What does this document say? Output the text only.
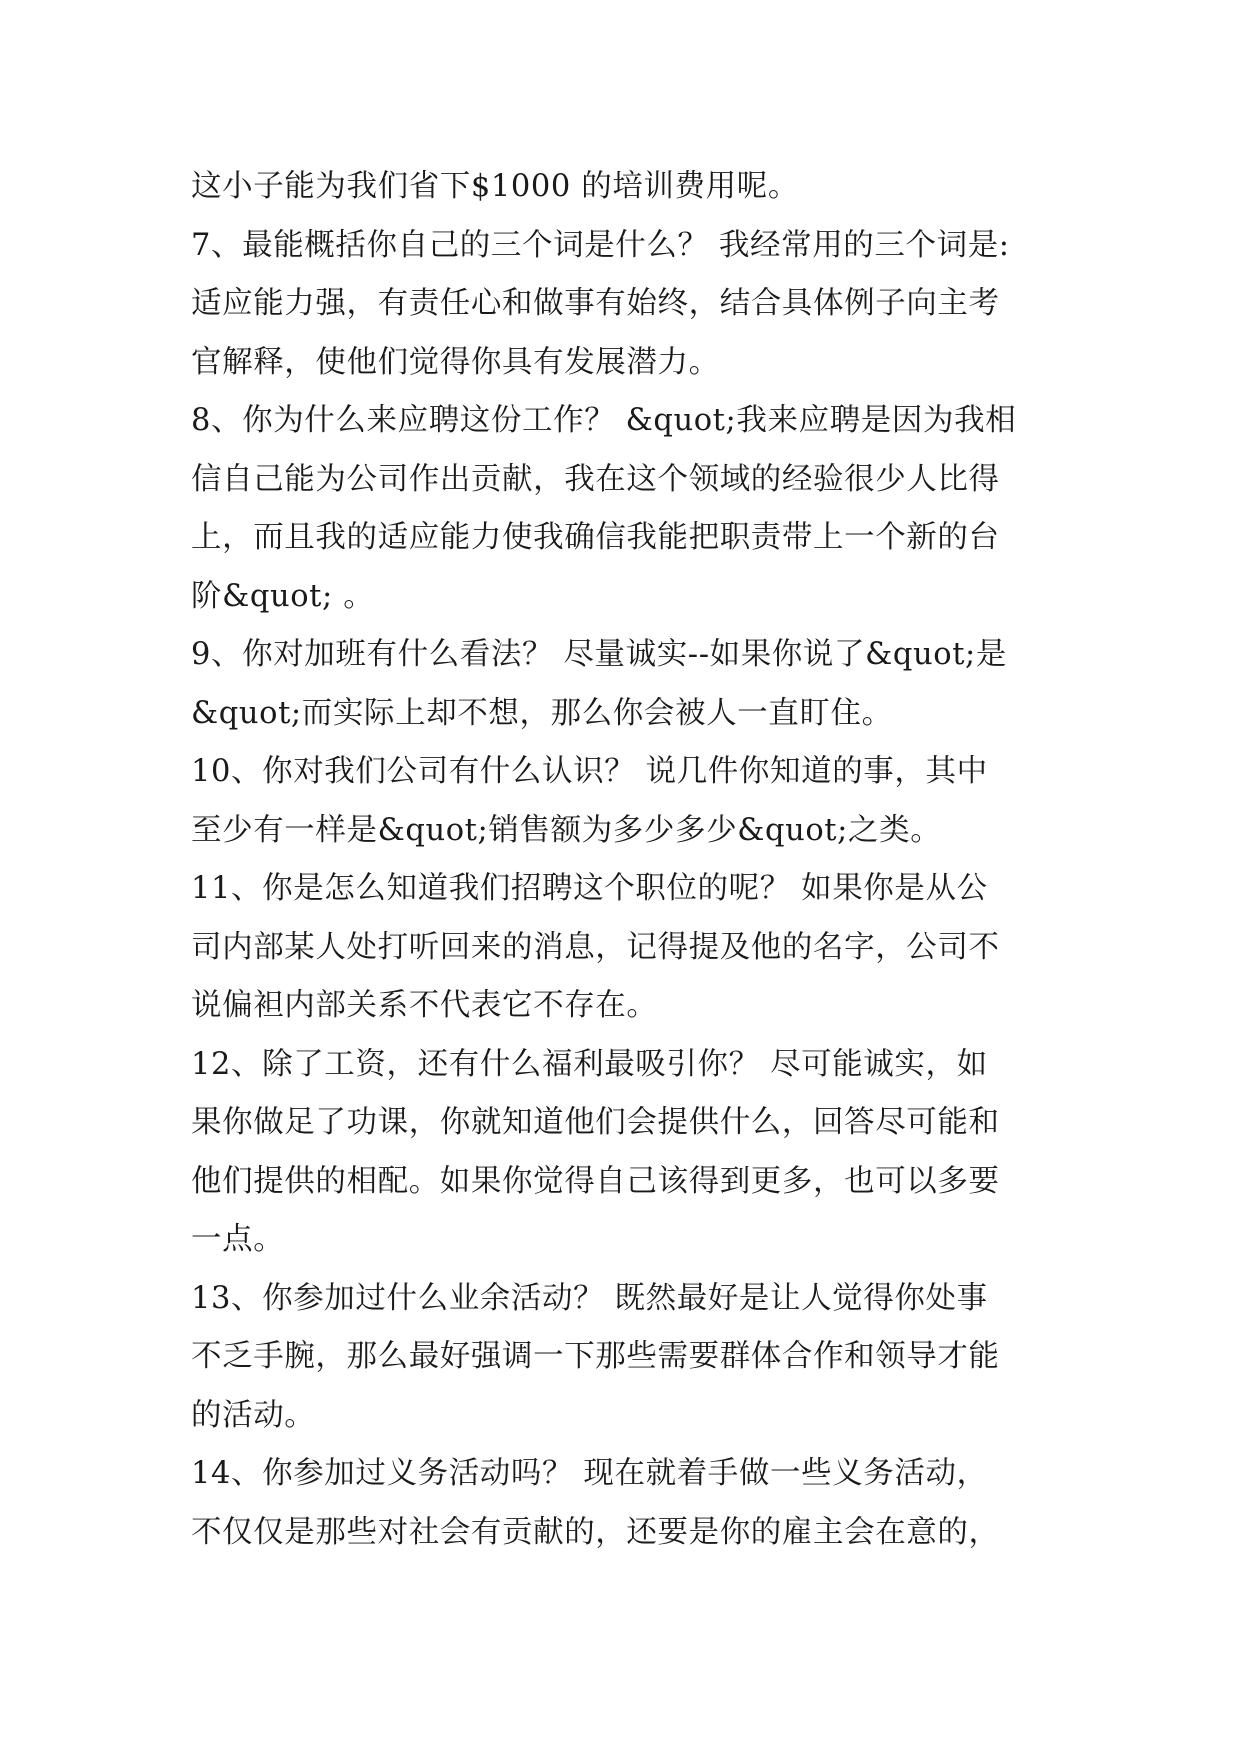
这小子能为我们省下$1000 的培训费用呢。
7、最能概括你自己的三个词是什么？ 我经常用的三个词是:
适应能力强，有责任心和做事有始终，结合具体例子向主考
官解释，使他们觉得你具有发展潜力。
8、你为什么来应聘这份工作？ &quot;我来应聘是因为我相
信自己能为公司作出贡献，我在这个领域的经验很少人比得
上，而且我的适应能力使我确信我能把职责带上一个新的台
阶&quot; 。
9、你对加班有什么看法？ 尽量诚实--如果你说了&quot;是
&quot;而实际上却不想，那么你会被人一直盯住。
10、你对我们公司有什么认识？ 说几件你知道的事，其中
至少有一样是&quot;销售额为多少多少&quot;之类。
11、你是怎么知道我们招聘这个职位的呢？ 如果你是从公
司内部某人处打听回来的消息，记得提及他的名字，公司不
说偏袒内部关系不代表它不存在。
12、除了工资，还有什么福利最吸引你？ 尽可能诚实，如
果你做足了功课，你就知道他们会提供什么，回答尽可能和
他们提供的相配。如果你觉得自己该得到更多，也可以多要
一点。
13、你参加过什么业余活动？ 既然最好是让人觉得你处事
不乏手腕，那么最好强调一下那些需要群体合作和领导才能
的活动。
14、你参加过义务活动吗？ 现在就着手做一些义务活动，
不仅仅是那些对社会有贡献的，还要是你的雇主会在意的，
